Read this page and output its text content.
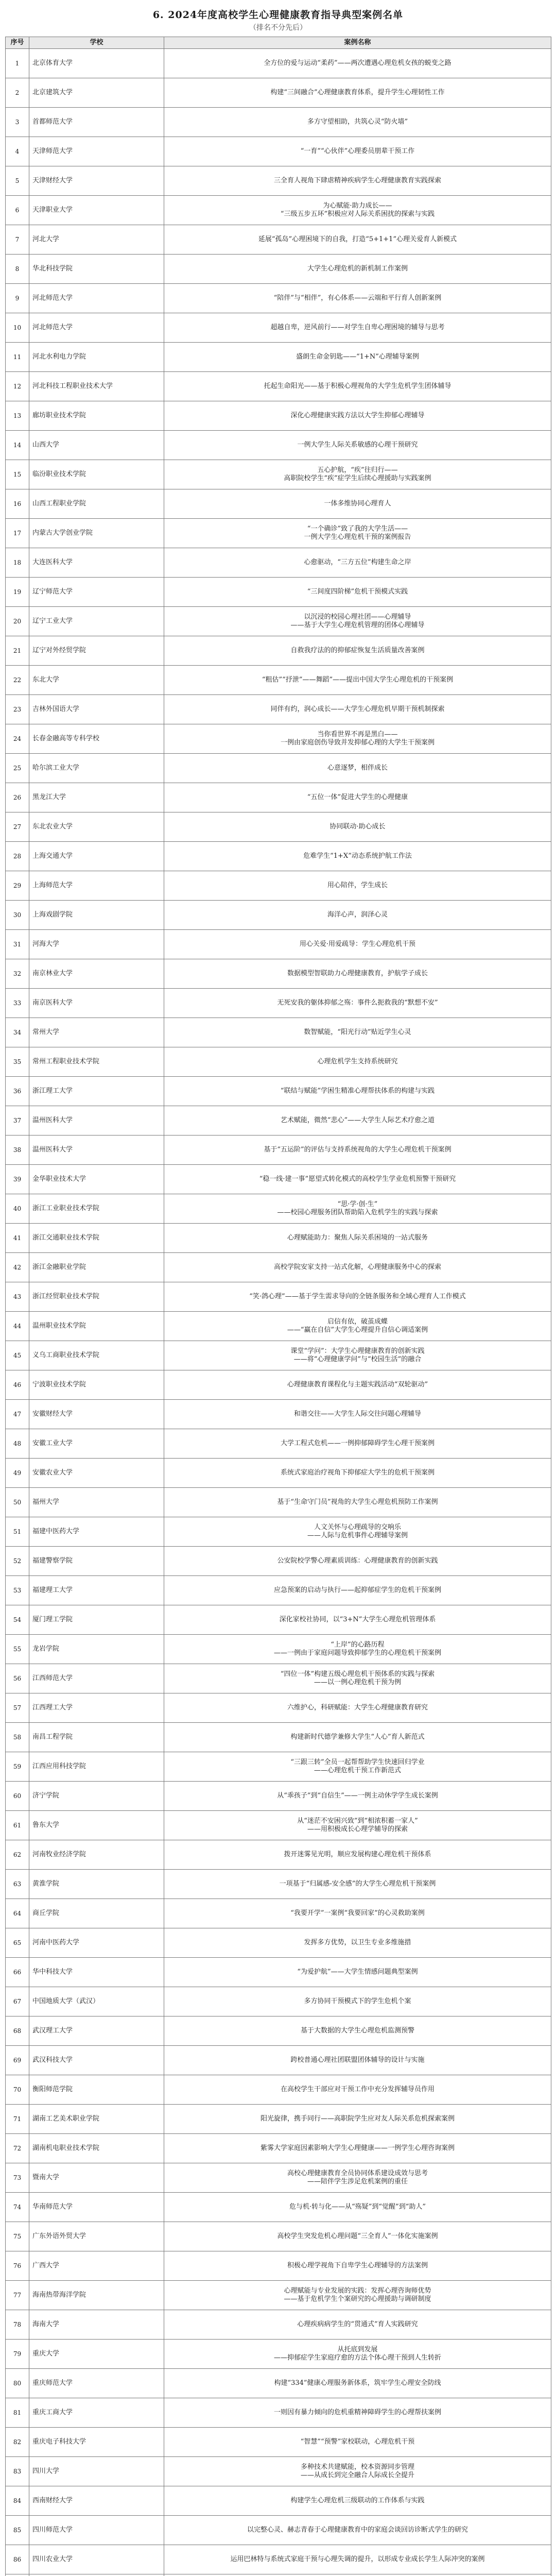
6. 2024年度高校学生心理健康教育指导典型案例名单
（排名不分先后）
序号	学校	案例名称
1	北京体育大学	全方位的爱与运动“柔药”——两次遭遇心理危机女孩的蜕变之路

2	北京建筑大学	构建“三间融合”心理健康教育体系，提升学生心理韧性工作

3	首都师范大学	多方守望相助，共筑心灵“防火墙”

4	天津师范大学	“一育”“心伙伴”心理委员朋辈干预工作

5	天津财经大学	三全育人视角下肆虐精神疾病学生心理健康教育实践探索

6	天津职业大学	为心赋能·助力成长——
“三级五步五环”积极应对人际关系困扰的探索与实践

7	河北大学	延展“孤岛”心理困境下的自我，打造“5+1+1”心理关爱育人新模式

8	华北科技学院	大学生心理危机的新机制工作案例

9	河北师范大学	“陪伴”与“相伴”，有心体系——云端和平行育人创新案例

10	河北师范大学	超越自卑，逆风前行——对学生自卑心理困境的辅导与思考

11	河北水利电力学院	盛朗生命金钥匙——“1+N”心理辅导案例

12	河北科技工程职业技术大学	托起生命阳光——基于积极心理视角的大学生危机学生团体辅导

13	廊坊职业技术学院	深化心理健康实践方法以大学生抑郁心理辅导

14	山西大学	一例大学生人际关系敏感的心理干预研究

15	临汾职业技术学院	五心护航，“疾”往归行——
高职院校学生“疾”症学生后续心理援助与实践案例

16	山西工程职业学院	一体多维协同心理育人

17	内蒙古大学创业学院	“一个确诊”致了我的大学生活——
一例大学生心理危机干预的案例报告

18	大连医科大学	心愈驱动，“三方五位”构建生命之岸

19	辽宁师范大学	“三间度四阶梯”危机干预模式实践

20	辽宁工业大学	以沉浸的校园心理社团——心理辅导
——基于大学生心理危机管理的团体心理辅导

21	辽宁对外经贸学院	自救我疗法的的抑郁症恢复生活质量改善案例

22	东北大学	“粗估”“抒泄”——舞蹈”——提出中国大学生心理危机的干预案例

23	吉林外国语大学	同伴有约，润心成长——大学生心理危机早期干预机制探索

24	长春金融高等专科学校	当你看世界不再是黑白——
一例由家庭创伤导致并发抑郁心理的大学生干预案例

25	哈尔滨工业大学	心意逐梦，相伴成长

26	黑龙江大学	“五位一体”促进大学生的心理健康

27	东北农业大学	协同联动·助心成长

28	上海交通大学	危难学生“1+X”动态系统护航工作法

29	上海师范大学	用心陪伴，学生成长

30	上海戏剧学院	海洋心声，润泽心灵

31	河海大学	用心关爱·用爱疏导：学生心理危机干预

32	南京林业大学	数据模型智联助力心理健康教育，护航学子成长

33	南京医科大学	无死安我的躯体抑郁之殇：事件么扼救我的“默想不安”

34	常州大学	数智赋能，“阳光行动”贴近学生心灵

35	常州工程职业技术学院	心理危机学生支持系统研究

36	浙江理工大学	“联结与赋能”学困生精准心理帮扶体系的构建与实践

37	温州医科大学	艺术赋能，微然“悲心”——大学生人际艺术疗愈之道

38	温州医科大学	基于“五运阶”的评估与支持系统视角的大学生心理危机干预案例

39	金华职业技术大学	“稳一线·建一事”愿望式转化模式的高校学生学业危机预警干预研究

40	浙江工业职业技术学院	“思·学·创·生”
——校园心理服务团队帮助陷入危机学生的实践与探索

41	浙江交通职业技术学院	心理赋能助力：聚焦人际关系困境的一站式服务

42	浙江金融职业学院	高校学院安家支持一站式化解，心理健康服务中心的探索

43	浙江经贸职业技术学院	“笑·鸽心理”——基于学生需求导向的全链条服务和全域心理育人工作模式

44	温州职业技术学院	启信有依，破茧成蝶
——“赢在自信”大学生心理提升自信心调适案例

45	义乌工商职业技术学院	课堂“学问”：大学生心理健康教育的创新实践
——将“心理健康学问”与“校园生活”的融合

46	宁波职业技术学院	心理健康教育课程化与主题实践活动“双轮驱动”

47	安徽财经大学	和谐交往——大学生人际交往问题心理辅导

48	安徽工业大学	大学工程式危机——一例抑郁障碍学生心理干预案例

49	安徽农业大学	系统式家庭治疗视角下抑郁症大学生的危机干预案例

50	福州大学	基于“生命守门员”视角的大学生心理危机预防工作案例

51	福建中医药大学	人文关怀与心理疏导的交响乐
——人际与危机事件心理辅导案例

52	福建警察学院	公安院校学警心理素质训练：心理健康教育的创新实践

53	福建理工大学	应急预案的启动与执行——起抑郁症学生的危机干预案例

54	厦门理工学院	深化家校社协同，以“3+N”大学生心理危机管理体系

55	龙岩学院	“上岸”的心路历程
——一例由于家庭问题导致抑郁学生的心理危机干预案例

56	江西师范大学	“四位一体”构建五级心理危机干预体系的实践与探索
——以一例心理危机干预为例

57	江西理工大学	六维护心，科研赋能：大学生心理健康教育研究

58	南昌工程学院	构建新时代德学兼修大学生“人心”育人新范式

59	江西应用科技学院	“三跟三转”全员一起帮帮助学生快速回归学业
——心理危机干预工作新范式

60	济宁学院	从“乖孩子”到“自信生”——一例主动休学学生成长案例

61	鲁东大学	从“迷茫不安困兴致”到“相浓积蓄一家人”
——用积极成长心理学辅导的探索

62	河南牧业经济学院	拨开迷雾见光明，顺应发展构建心理危机干预体系

63	黄淮学院	一项基于“归属感-安全感”的大学生心理危机干预案例

64	商丘学院	“我要开学”一案例“我要回家”的心灵救助案例

65	河南中医药大学	发挥多方优势，以卫生专业多维施措

66	华中科技大学	“为爱护航”——大学生情感问题典型案例

67	中国地质大学（武汉）	多方协同干预模式下的学生危机个案

68	武汉理工大学	基于大数据的大学生心理危机监测预警

69	武汉科技大学	跨校普通心理社团联盟团体辅导的设计与实施

70	衡阳师范学院	在高校学生干部应对干预工作中充分发挥辅导员作用

71	湖南工艺美术职业学院	阳光旋律，携手同行——高职院学生应对友人际关系危机探索案例

72	湖南机电职业技术学院	紫雾大学家庭因素影响大学生心理健康——一例学生心理咨询案例

73	暨南大学	高校心理健康教育全员协同体系建设成效与思考
——陪伴学生涉足危机案例的重任

74	华南师范大学	危与机·转与化——从“殇疑”到“觉醒”到“助人”

75	广东外语外贸大学	高校学生突发危机心理问题“三全育人”一体化实施案例

76	广西大学	积极心理学视角下自卑学生心理辅导的方法案例

77	海南热带海洋学院	心理赋能与专业发展的实践：发挥心理咨询师优势
——基于危机学生个案研究的心理援助与调研制度

78	海南大学	心理疾病病学生的“贯通式”育人实践研究

79	重庆大学	从托底到发展
——抑郁症学生家庭疗愈的方法个体心理干预到人生转折

80	重庆师范大学	构建“334”健康心理服务新体系，筑牢学生心理安全防线

81	重庆工商大学	一则因有暴力倾向的危机重精神障碍学生的心理帮扶案例

82	重庆电子科技大学	“智慧”“预警”家校联动，心理危机干预

83	四川大学	多种技术共建赋能，校本资源同步管理
——从成长到完全融合人际成长全提升

84	西南财经大学	构建学生心理危机三级联动的工作体系与实践

85	四川师范大学	以完整心灵、赫志青春于心理健康教育中的家庭会谈回访诊断式学生的研究

86	四川农业大学	运用巴林特与系统式家庭干预与心理失调的提升，以形成专业成长学生人际冲突的案例
